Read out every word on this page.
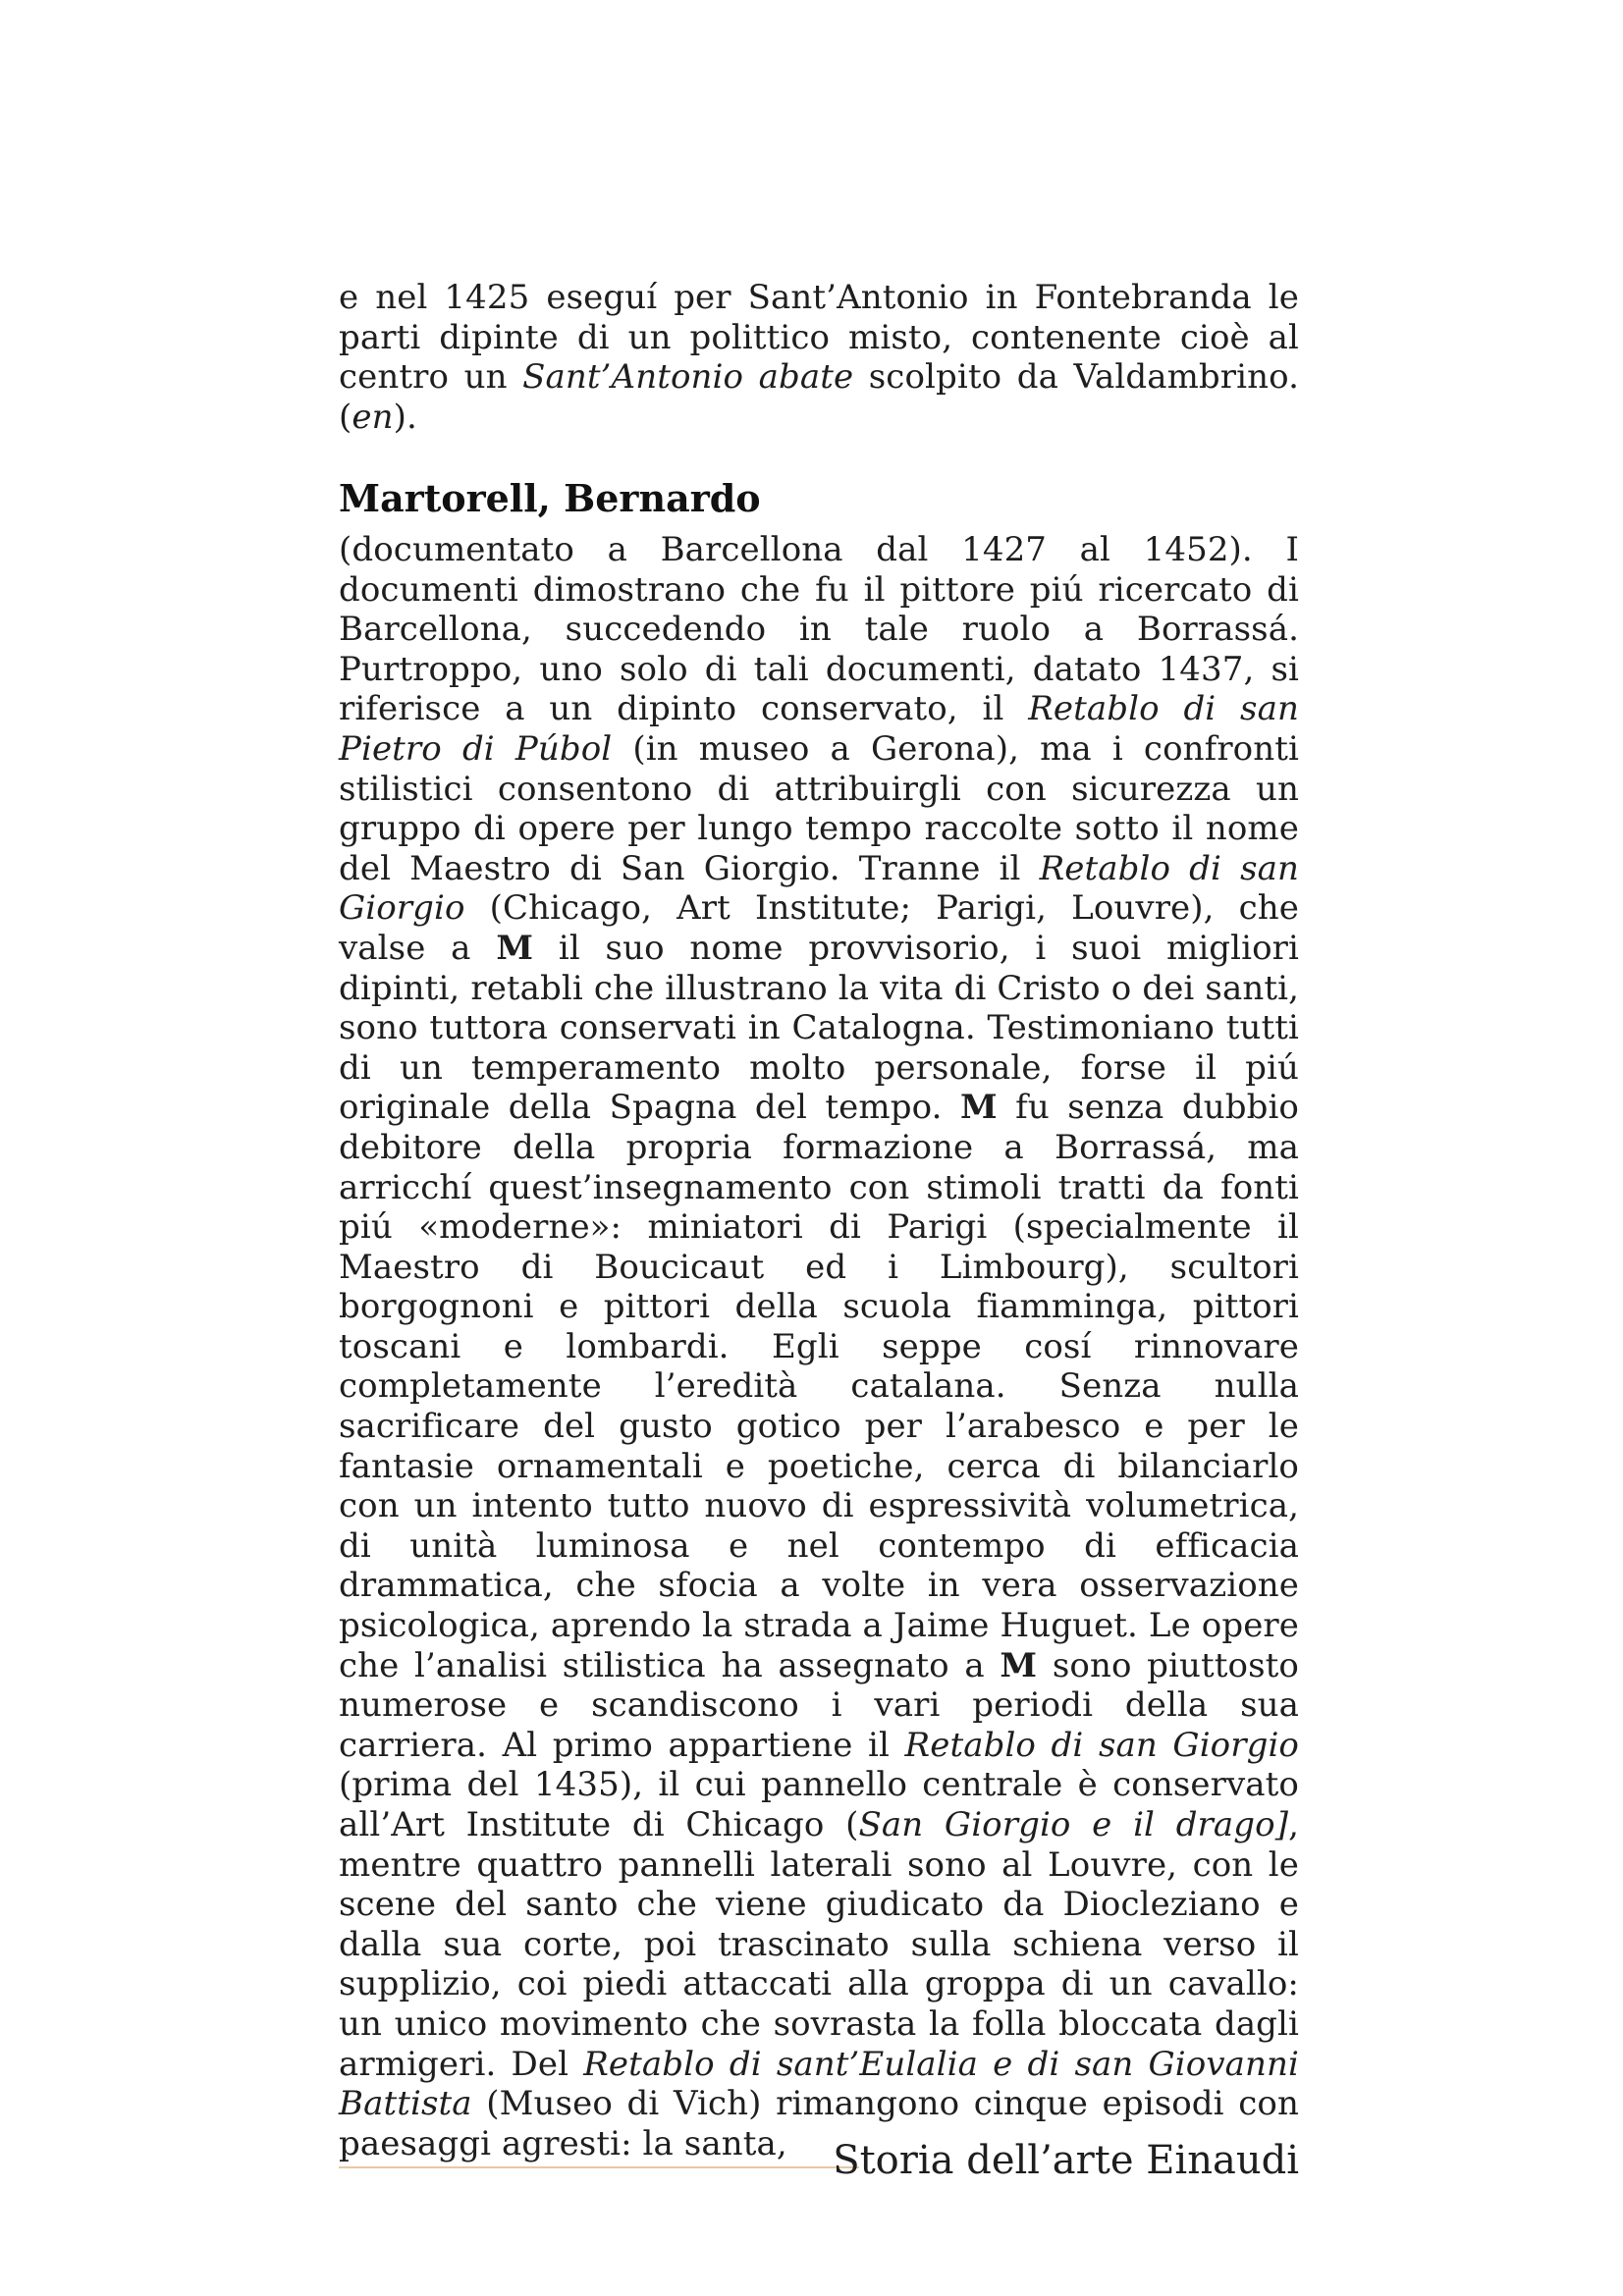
e nel 1425 eseguí per Sant’Antonio in Fontebranda le parti dipinte di un polittico misto, contenente cioè al centro un Sant’Antonio abate scolpito da Valdambrino. (en).

Martorell, Bernardo

(documentato a Barcellona dal 1427 al 1452). I documenti dimostrano che fu il pittore piú ricercato di Barcellona, succedendo in tale ruolo a Borrassá. Purtroppo, uno solo di tali documenti, datato 1437, si riferisce a un dipinto conservato, il Retablo di san Pietro di Púbol (in museo a Gerona), ma i confronti stilistici consentono di attribuirgli con sicurezza un gruppo di opere per lungo tempo raccolte sotto il nome del Maestro di San Giorgio. Tranne il Retablo di san Giorgio (Chicago, Art Institute; Parigi, Louvre), che valse a M il suo nome provvisorio, i suoi migliori dipinti, retabli che illustrano la vita di Cristo o dei santi, sono tuttora conservati in Catalogna. Testimoniano tutti di un temperamento molto personale, forse il piú originale della Spagna del tempo. M fu senza dubbio debitore della propria formazione a Borrassá, ma arricchí quest’insegnamento con stimoli tratti da fonti piú «moderne»: miniatori di Parigi (specialmente il Maestro di Boucicaut ed i Limbourg), scultori borgognoni e pittori della scuola fiamminga, pittori toscani e lombardi. Egli seppe cosí rinnovare completamente l’eredità catalana. Senza nulla sacrificare del gusto gotico per l’arabesco e per le fantasie ornamentali e poetiche, cerca di bilanciarlo con un intento tutto nuovo di espressività volumetrica, di unità luminosa e nel contempo di efficacia drammatica, che sfocia a volte in vera osservazione psicologica, aprendo la strada a Jaime Huguet. Le opere che l’analisi stilistica ha assegnato a M sono piuttosto numerose e scandiscono i vari periodi della sua carriera. Al primo appartiene il Retablo di san Giorgio (prima del 1435), il cui pannello centrale è conservato all’Art Institute di Chicago (San Giorgio e il drago], mentre quattro pannelli laterali sono al Louvre, con le scene del santo che viene giudicato da Diocleziano e dalla sua corte, poi trascinato sulla schiena verso il supplizio, coi piedi attaccati alla groppa di un cavallo: un unico movimento che sovrasta la folla bloccata dagli armigeri. Del Retablo di sant’Eulalia e di san Giovanni Battista (Museo di Vich) rimangono cinque episodi con paesaggi agresti: la santa,	Storia dell’arte Einaudi
